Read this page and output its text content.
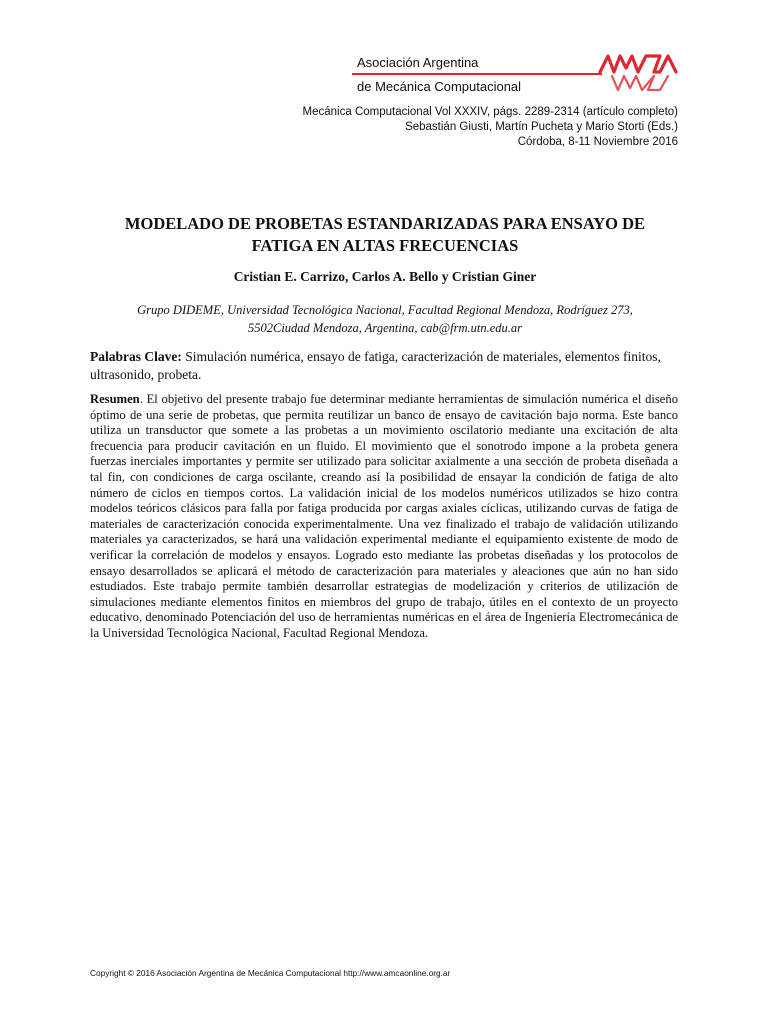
Asociación Argentina
de Mecánica Computacional
Mecánica Computacional Vol XXXIV, págs. 2289-2314 (artículo completo)
Sebastián Giusti, Martín Pucheta y Mario Storti (Eds.)
Córdoba, 8-11 Noviembre 2016
MODELADO DE PROBETAS ESTANDARIZADAS PARA ENSAYO DE
FATIGA EN ALTAS FRECUENCIAS
Cristian E. Carrizo, Carlos A. Bello y Cristian Giner
Grupo DIDEME, Universidad Tecnológica Nacional, Facultad Regional Mendoza, Rodríguez 273,
5502Ciudad Mendoza, Argentina, cab@frm.utn.edu.ar
Palabras Clave: Simulación numérica, ensayo de fatiga, caracterización de materiales, elementos finitos, ultrasonido, probeta.
Resumen. El objetivo del presente trabajo fue determinar mediante herramientas de simulación numérica el diseño óptimo de una serie de probetas, que permita reutilizar un banco de ensayo de cavitación bajo norma. Este banco utiliza un transductor que somete a las probetas a un movimiento oscilatorio mediante una excitación de alta frecuencia para producir cavitación en un fluido. El movimiento que el sonotrodo impone a la probeta genera fuerzas inerciales importantes y permite ser utilizado para solicitar axialmente a una sección de probeta diseñada a tal fin, con condiciones de carga oscilante, creando así la posibilidad de ensayar la condición de fatiga de alto número de ciclos en tiempos cortos. La validación inicial de los modelos numéricos utilizados se hizo contra modelos teóricos clásicos para falla por fatiga producida por cargas axiales cíclicas, utilizando curvas de fatiga de materiales de caracterización conocida experimentalmente. Una vez finalizado el trabajo de validación utilizando materiales ya caracterizados, se hará una validación experimental mediante el equipamiento existente de modo de verificar la correlación de modelos y ensayos. Logrado esto mediante las probetas diseñadas y los protocolos de ensayo desarrollados se aplicará el método de caracterización para materiales y aleaciones que aún no han sido estudiados. Este trabajo permite también desarrollar estrategias de modelización y criterios de utilización de simulaciones mediante elementos finitos en miembros del grupo de trabajo, útiles en el contexto de un proyecto educativo, denominado Potenciación del uso de herramientas numéricas en el área de Ingeniería Electromecánica de la Universidad Tecnológica Nacional, Facultad Regional Mendoza.
Copyright © 2016 Asociación Argentina de Mecánica Computacional http://www.amcaonline.org.ar
